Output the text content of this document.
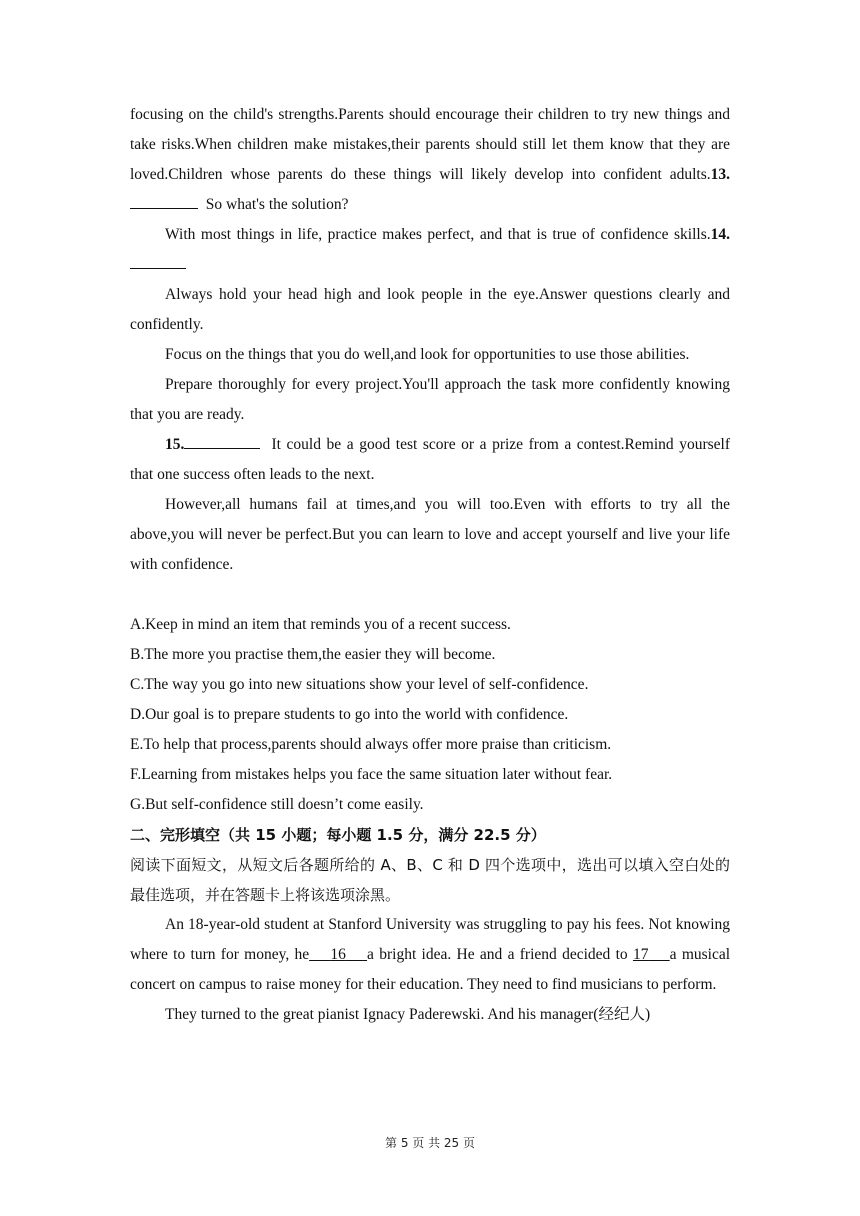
focusing on the child's strengths.Parents should encourage their children to try new things and take risks.When children make mistakes,their parents should still let them know that they are loved.Children whose parents do these things will likely develop into confident adults.13.  So what's the solution?

With most things in life, practice makes perfect, and that is true of confidence skills.14.

Always hold your head high and look people in the eye.Answer questions clearly and confidently.

Focus on the things that you do well,and look for opportunities to use those abilities.

Prepare thoroughly for every project.You'll approach the task more confidently knowing that you are ready.

15.	It could be a good test score or a prize from a contest.Remind yourself that one success often leads to the next.

However,all humans fail at times,and you will too.Even with efforts to try all the above,you will never be perfect.But you can learn to love and accept yourself and live your life with confidence.

A.Keep in mind an item that reminds you of a recent success.

B.The more you practise them,the easier they will become.

C.The way you go into new situations show your level of self-confidence.

D.Our goal is to prepare students to go into the world with confidence.

E.To help that process,parents should always offer more praise than criticism.

F.Learning from mistakes helps you face the same situation later without fear.

G.But self-confidence still doesn’t come easily.

二、完形填空（共 15 小题；每小题 1.5 分，满分 22.5 分）

阅读下面短文，从短文后各题所给的 A、B、C 和 D 四个选项中，选出可以填入空白处的最佳选项，并在答题卡上将该选项涂黑。

An 18-year-old student at Stanford University was struggling to pay his fees. Not knowing where to turn for money, he 16 a bright idea. He and a friend decided to 17 a musical concert on campus to raise money for their education. They need to find musicians to perform.

They turned to the great pianist Ignacy Paderewski. And his manager(经纪人)

第 5 页 共 25 页
